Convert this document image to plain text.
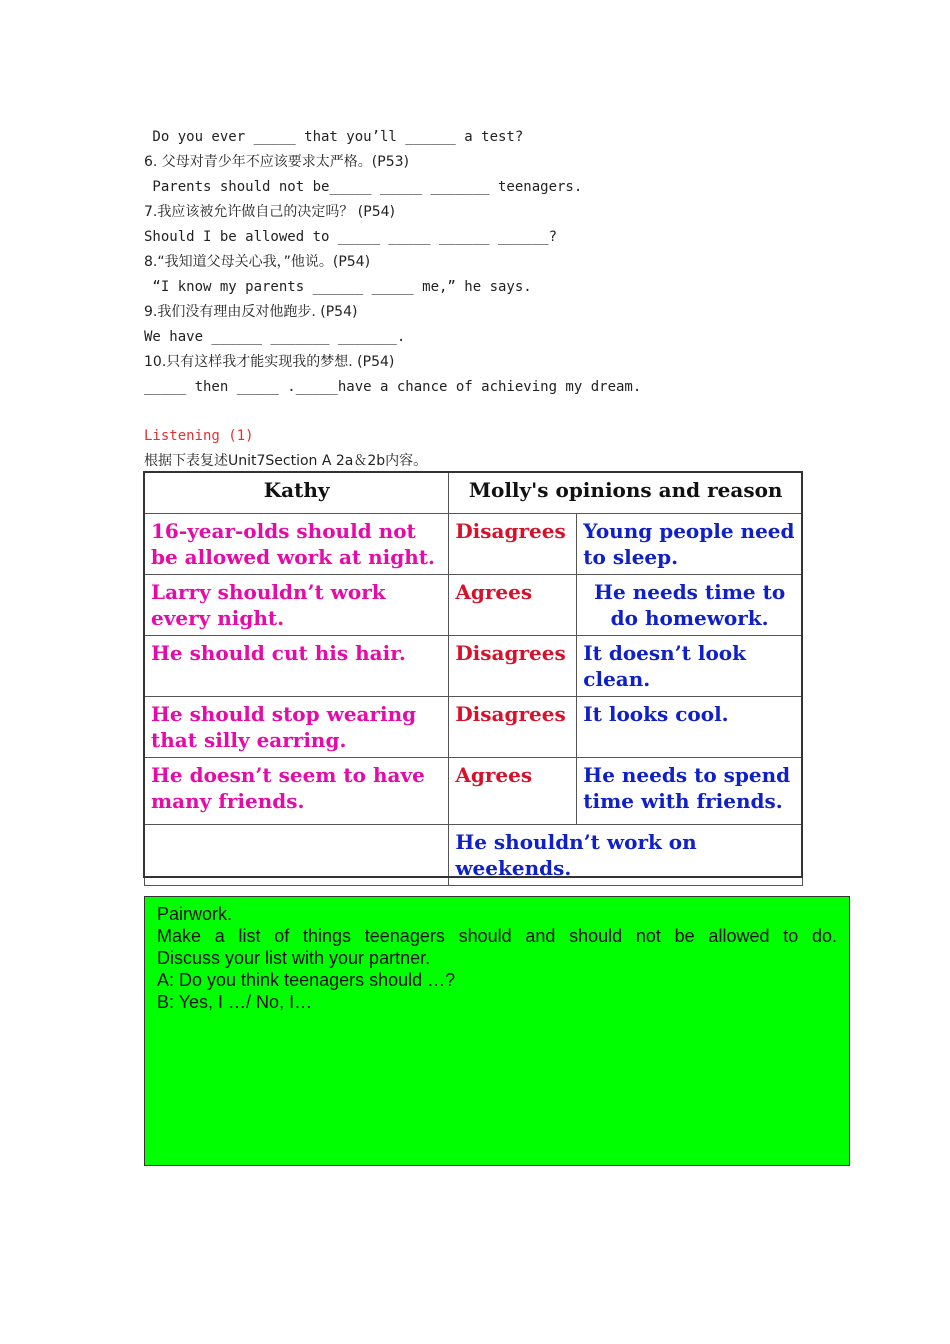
Do you ever _____ that you’ll ______ a test?
6. 父母对青少年不应该要求太严格。(P53)
Parents should not be_____ _____ _______ teenagers.
7.我应该被允许做自己的决定吗？ (P54)
Should I be allowed to _____ _____ ______ ______?
8.“我知道父母关心我，”他说。(P54)
“I know my parents ______ _____ me,” he says.
9.我们没有理由反对他跑步. (P54)
We have ______ _______ _______.
10.只有这样我才能实现我的梦想. (P54)
_____ then _____ ._____have a chance of achieving my dream.
Listening (1)
根据下表复述Unit7Section A 2a＆2b内容。
Kathy	Molly's opinions and reason	
16-year-olds should not be allowed work at night.	Disagrees	Young people need to sleep.
Larry shouldn’t work every night.	Agrees	He needs time to do homework.
He should cut his hair.	Disagrees	It doesn’t look clean.
He should stop wearing that silly earring.	Disagrees	It looks cool.
He doesn’t seem to have many friends.	Agrees	He needs to spend time with friends.
	He shouldn’t work on weekends.	
Pairwork.
Make a list of things teenagers should and should not be allowed to do.
Discuss your list with your partner.
A: Do you think teenagers should …?
B: Yes, I …/ No, I…
